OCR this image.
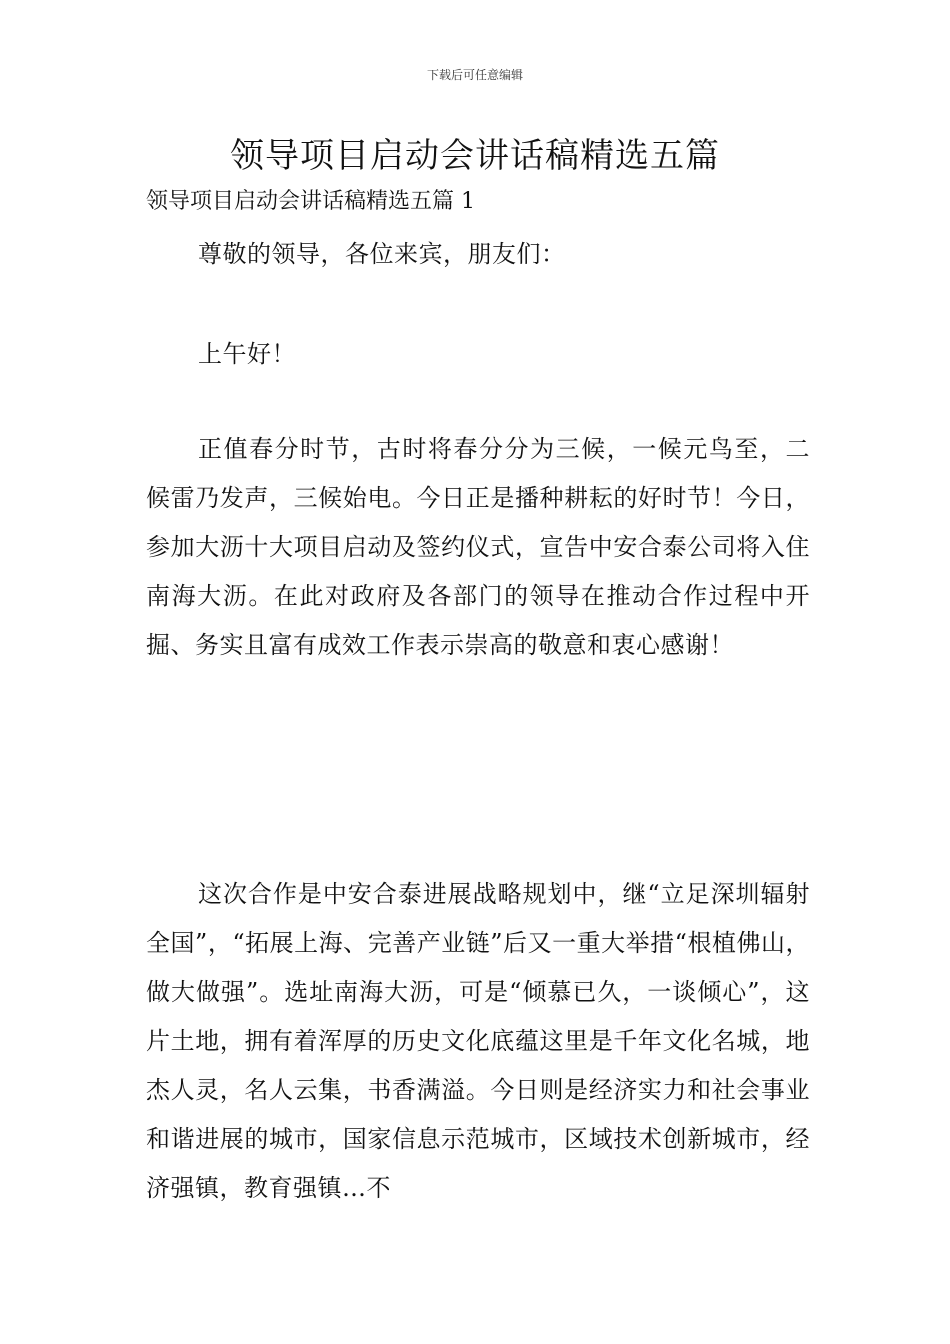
下载后可任意编辑
领导项目启动会讲话稿精选五篇
领导项目启动会讲话稿精选五篇 1

尊敬的领导，各位来宾，朋友们：

上午好！

正值春分时节，古时将春分分为三候，一候元鸟至，二候雷乃发声，三候始电。今日正是播种耕耘的好时节！今日，参加大沥十大项目启动及签约仪式，宣告中安合泰公司将入住南海大沥。在此对政府及各部门的领导在推动合作过程中开掘、务实且富有成效工作表示崇高的敬意和衷心感谢！

这次合作是中安合泰进展战略规划中，继“立足深圳辐射全国”，“拓展上海、完善产业链”后又一重大举措“根植佛山，做大做强”。选址南海大沥，可是“倾慕已久，一谈倾心”，这片土地，拥有着浑厚的历史文化底蕴这里是千年文化名城，地杰人灵，名人云集，书香满溢。今日则是经济实力和社会事业和谐进展的城市，国家信息示范城市，区域技术创新城市，经济强镇，教育强镇…不
